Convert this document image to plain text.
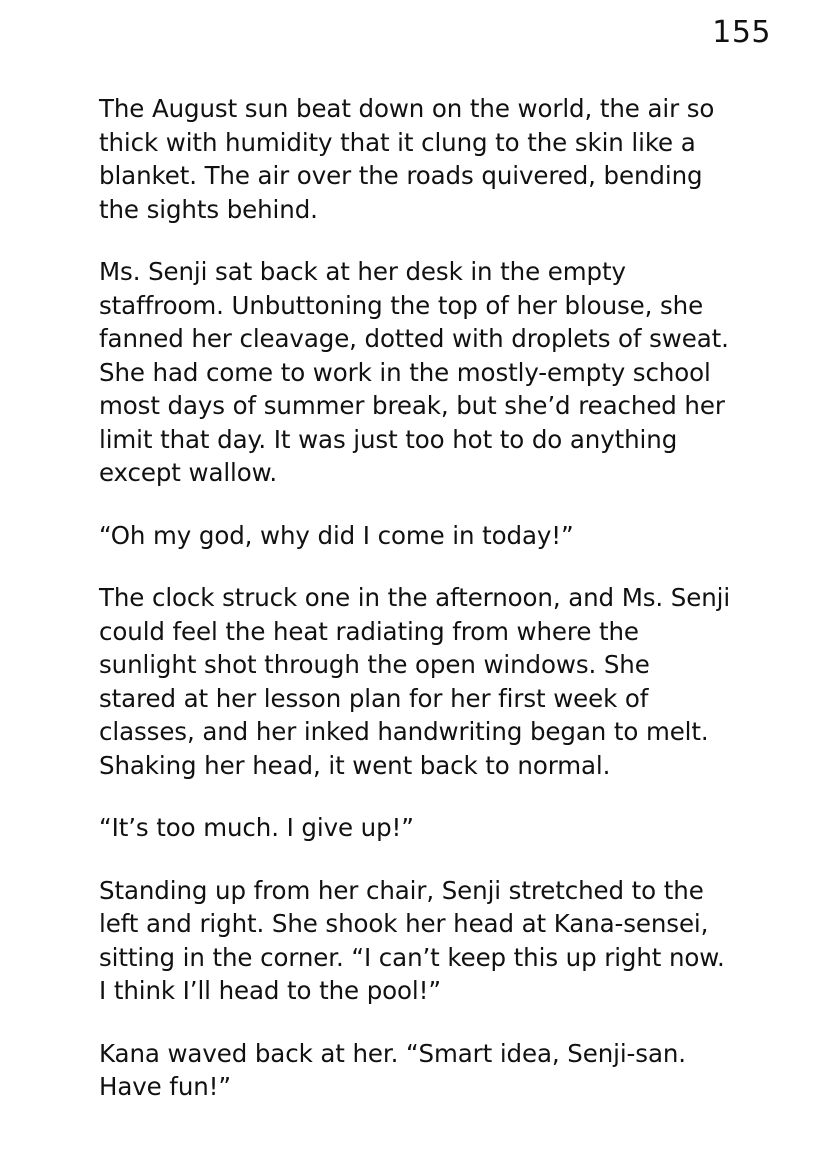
155

The August sun beat down on the world, the air so thick with humidity that it clung to the skin like a blanket. The air over the roads quivered, bending the sights behind.

Ms. Senji sat back at her desk in the empty staffroom. Unbuttoning the top of her blouse, she fanned her cleavage, dotted with droplets of sweat. She had come to work in the mostly-empty school most days of summer break, but she’d reached her limit that day. It was just too hot to do anything except wallow.

“Oh my god, why did I come in today!”

The clock struck one in the afternoon, and Ms. Senji could feel the heat radiating from where the sunlight shot through the open windows. She stared at her lesson plan for her first week of classes, and her inked handwriting began to melt. Shaking her head, it went back to normal.

“It’s too much. I give up!”

Standing up from her chair, Senji stretched to the left and right. She shook her head at Kana-sensei, sitting in the corner. “I can’t keep this up right now. I think I’ll head to the pool!”

Kana waved back at her. “Smart idea, Senji-san. Have fun!”
